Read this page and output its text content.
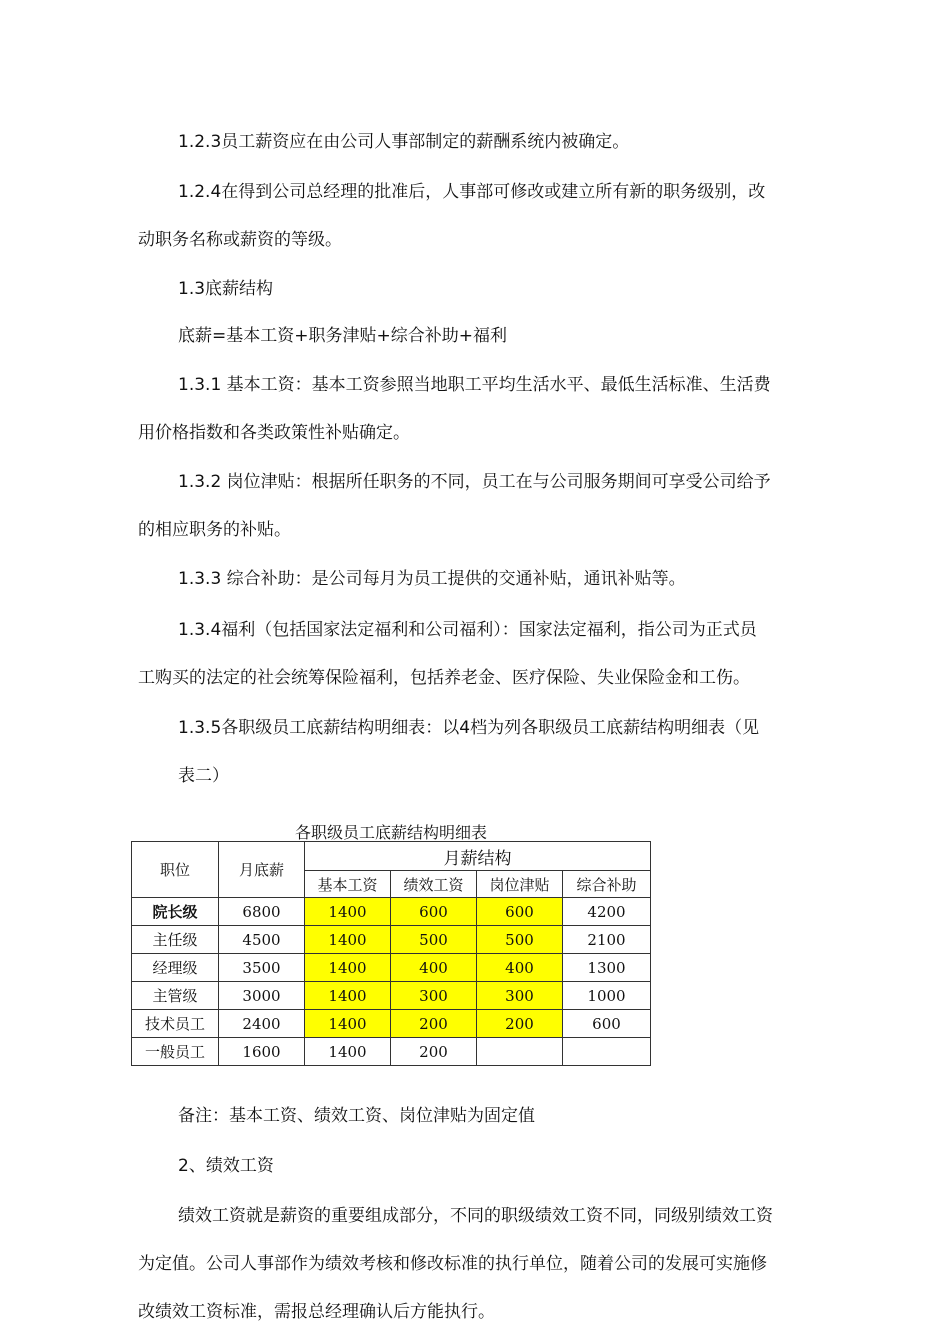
1.2.3员工薪资应在由公司人事部制定的薪酬系统内被确定。

1.2.4在得到公司总经理的批准后，人事部可修改或建立所有新的职务级别，改

动职务名称或薪资的等级。

1.3底薪结构

底薪=基本工资+职务津贴+综合补助+福利

1.3.1 基本工资：基本工资参照当地职工平均生活水平、最低生活标准、生活费

用价格指数和各类政策性补贴确定。

1.3.2 岗位津贴：根据所任职务的不同，员工在与公司服务期间可享受公司给予

的相应职务的补贴。

1.3.3 综合补助：是公司每月为员工提供的交通补贴，通讯补贴等。

1.3.4福利（包括国家法定福利和公司福利）：国家法定福利，指公司为正式员

工购买的法定的社会统筹保险福利，包括养老金、医疗保险、失业保险金和工伤。

1.3.5各职级员工底薪结构明细表：以4档为列各职级员工底薪结构明细表（见

表二）

各职级员工底薪结构明细表

职位	月底薪	月薪结构			
		基本工资	绩效工资	岗位津贴	综合补助
院长级	6800	1400	600	600	4200
主任级	4500	1400	500	500	2100
经理级	3500	1400	400	400	1300
主管级	3000	1400	300	300	1000
技术员工	2400	1400	200	200	600
一般员工	1600	1400	200		

备注：基本工资、绩效工资、岗位津贴为固定值

2、绩效工资

绩效工资就是薪资的重要组成部分，不同的职级绩效工资不同，同级别绩效工资

为定值。公司人事部作为绩效考核和修改标准的执行单位，随着公司的发展可实施修

改绩效工资标准，需报总经理确认后方能执行。
